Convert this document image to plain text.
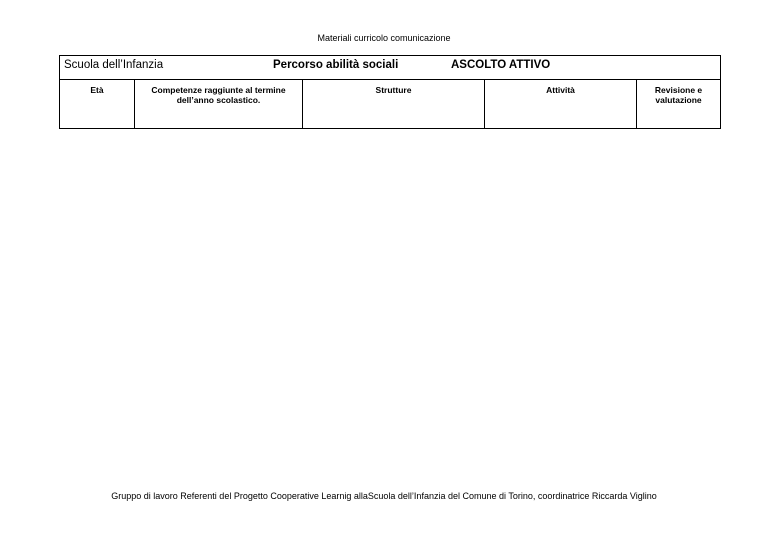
Materiali curricolo comunicazione
Scuola dell’Infanzia	Percorso abilità sociali	ASCOLTO ATTIVO

Età	Competenze raggiunte al termine dell’anno scolastico.	Strutture	Attività	Revisione e valutazione
Gruppo di lavoro Referenti del Progetto Cooperative Learnig allaScuola dell’Infanzia del Comune di Torino, coordinatrice Riccarda Viglino
